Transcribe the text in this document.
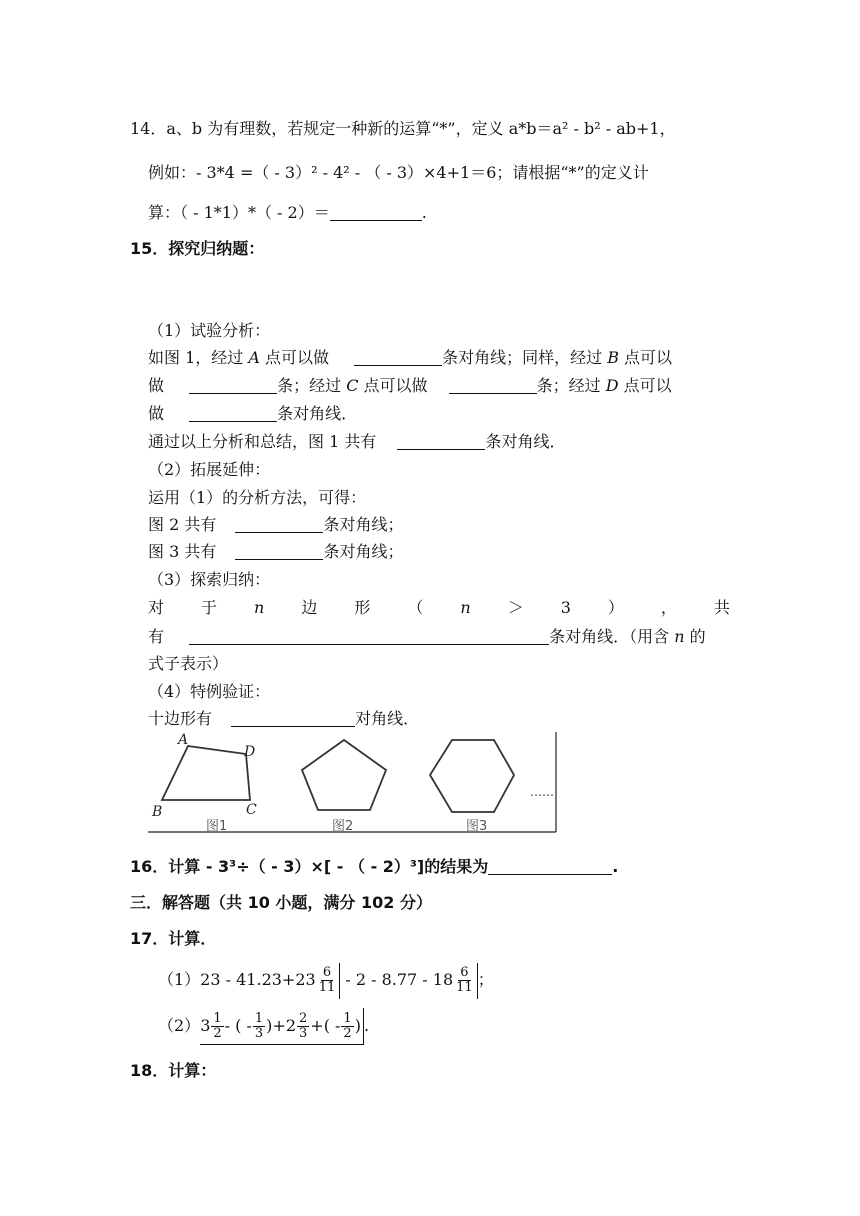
14．a、b 为有理数，若规定一种新的运算“*”，定义 a*b＝a² - b² - ab+1，
例如：- 3*4 =（ - 3）² - 4² - （ - 3）×4+1＝6；请根据“*”的定义计
算：（ - 1*1）*（ - 2）＝	.
15．探究归纳题：
（1）试验分析：
如图 1，经过 A 点可以做	条对角线；同样，经过 B 点可以
做	条；经过 C 点可以做	条；经过 D 点可以
做	条对角线．
通过以上分析和总结，图 1 共有	条对角线．
（2）拓展延伸：
运用（1）的分析方法，可得：
图 2 共有	条对角线；
图 3 共有	条对角线；
（3）探索归纳：
对 于 n 边 形 （ n ＞ 3 ） ， 共
有	条对角线．（用含 n 的
式子表示）
（4）特例验证：
十边形有	对角线．
A
B	C
D
图1	图2	图3
……
16．计算 - 3³÷（ - 3）×[ - （ - 2）³]的结果为	.
三．解答题（共 10 小题，满分 102 分）
17．计算．
$(1)23 - 41.23+23 \frac{6}{11} - 2 - 8.77 - 18 \frac{6}{11}$ ；
（2） $3 \frac{1}{2}$ - ( - $\frac{1}{3} )+2 \frac{2}{3}$ +( - $\frac{1}{2}$ ) .
18．计算：
